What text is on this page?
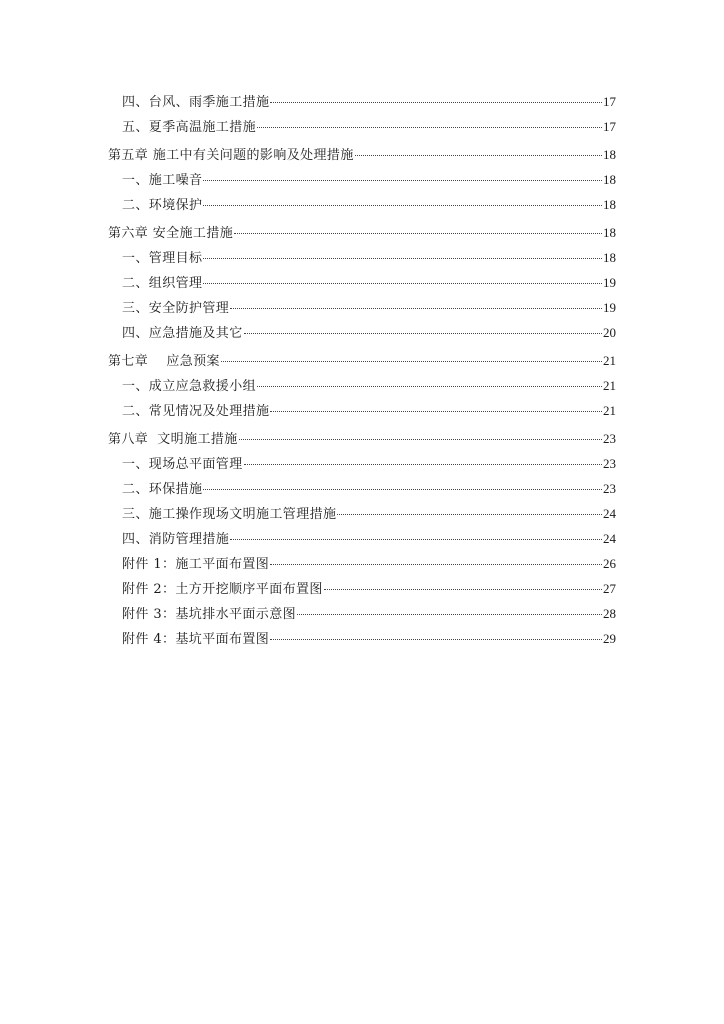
四、台风、雨季施工措施	17
五、夏季高温施工措施	17
第五章 施工中有关问题的影响及处理措施	18
一、施工噪音	18
二、环境保护	18
第六章 安全施工措施	18
一、管理目标	18
二、组织管理	19
三、安全防护管理	19
四、应急措施及其它	20
第七章    应急预案	21
一、成立应急救援小组	21
二、常见情况及处理措施	21
第八章  文明施工措施	23
一、现场总平面管理	23
二、环保措施	23
三、施工操作现场文明施工管理措施	24
四、消防管理措施	24
附件 1：施工平面布置图	26
附件 2：土方开挖顺序平面布置图	27
附件 3：基坑排水平面示意图	28
附件 4：基坑平面布置图	29
